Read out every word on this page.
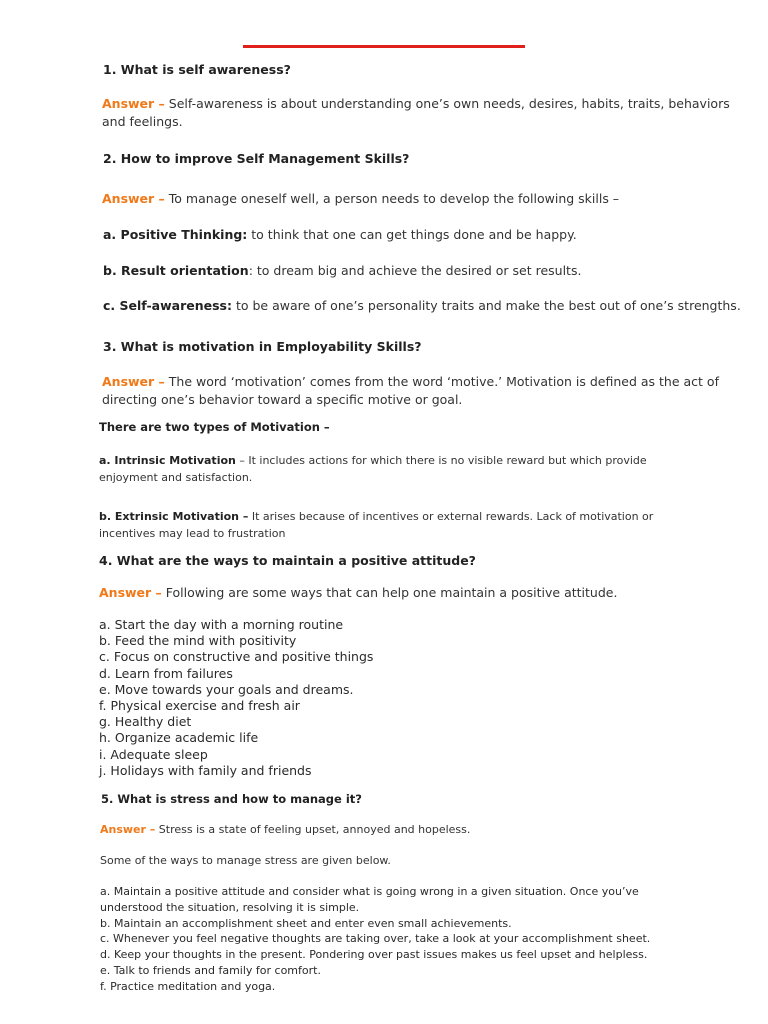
1. What is self awareness?
Answer – Self-awareness is about understanding one’s own needs, desires, habits, traits, behaviors
and feelings.
2. How to improve Self Management Skills?
Answer – To manage oneself well, a person needs to develop the following skills –
a. Positive Thinking: to think that one can get things done and be happy.
b. Result orientation: to dream big and achieve the desired or set results.
c. Self-awareness: to be aware of one’s personality traits and make the best out of one’s strengths.
3. What is motivation in Employability Skills?
Answer – The word ‘motivation’ comes from the word ‘motive.’ Motivation is defined as the act of
directing one’s behavior toward a specific motive or goal.
There are two types of Motivation –
a. Intrinsic Motivation – It includes actions for which there is no visible reward but which provide
enjoyment and satisfaction.
b. Extrinsic Motivation – It arises because of incentives or external rewards. Lack of motivation or
incentives may lead to frustration
4. What are the ways to maintain a positive attitude?
Answer – Following are some ways that can help one maintain a positive attitude.
a. Start the day with a morning routine
b. Feed the mind with positivity
c. Focus on constructive and positive things
d. Learn from failures
e. Move towards your goals and dreams.
f. Physical exercise and fresh air
g. Healthy diet
h. Organize academic life
i. Adequate sleep
j. Holidays with family and friends
5. What is stress and how to manage it?
Answer – Stress is a state of feeling upset, annoyed and hopeless.
Some of the ways to manage stress are given below.
a. Maintain a positive attitude and consider what is going wrong in a given situation. Once you’ve
understood the situation, resolving it is simple.
b. Maintain an accomplishment sheet and enter even small achievements.
c. Whenever you feel negative thoughts are taking over, take a look at your accomplishment sheet.
d. Keep your thoughts in the present. Pondering over past issues makes us feel upset and helpless.
e. Talk to friends and family for comfort.
f. Practice meditation and yoga.
